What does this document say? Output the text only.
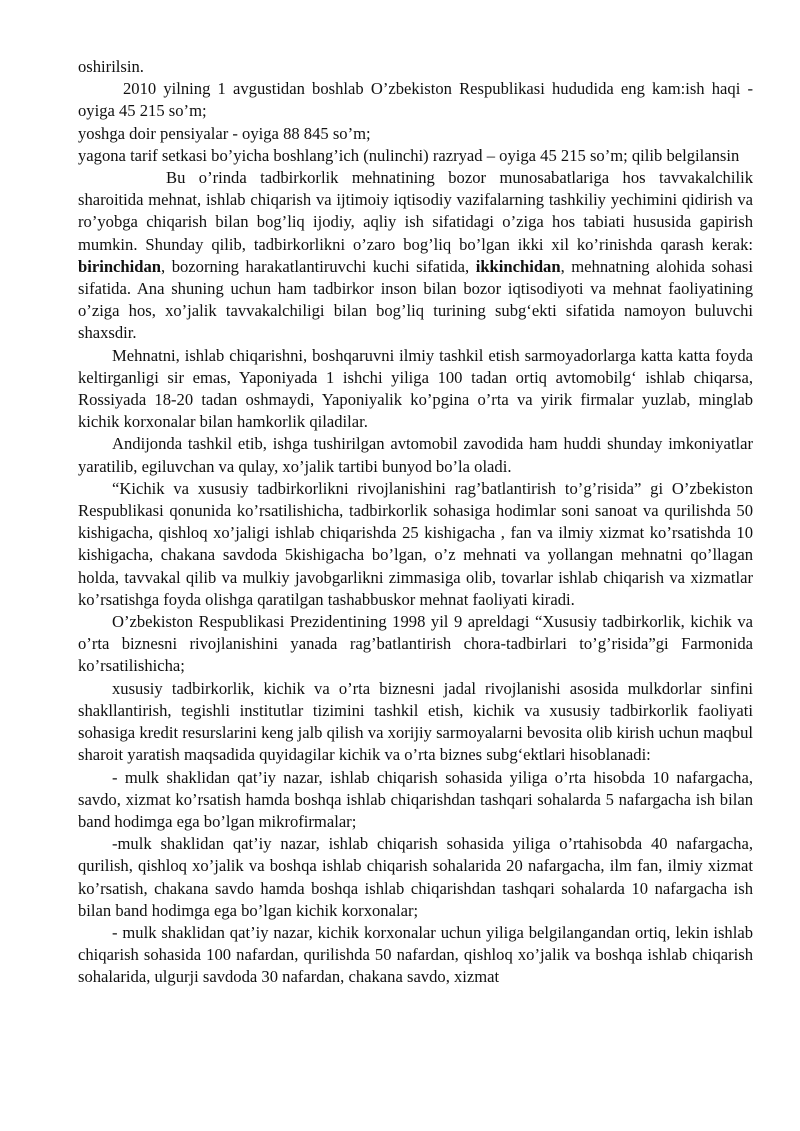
oshirilsin.

2010 yilning 1 avgustidan boshlab O’zbekiston Respublikasi hududida eng kam:ish haqi - oyiga 45 215 so’m;

yoshga doir pensiyalar - oyiga 88 845 so’m;

yagona tarif setkasi bo’yicha boshlang’ich (nulinchi) razryad – oyiga 45 215 so’m; qilib belgilansin

Bu o’rinda tadbirkorlik mehnatining bozor munosabatlariga hos tavvakalchilik sharoitida mehnat, ishlab chiqarish va ijtimoiy iqtisodiy vazifalarning tashkiliy yechimini qidirish va ro’yobga chiqarish bilan bog’liq ijodiy, aqliy ish sifatidagi o’ziga hos tabiati hususida gapirish mumkin. Shunday qilib, tadbirkorlikni o’zaro bog’liq bo’lgan ikki xil ko’rinishda qarash kerak: birinchidan, bozorning harakatlantiruvchi kuchi sifatida, ikkinchidan, mehnatning alohida sohasi sifatida. Ana shuning uchun ham tadbirkor inson bilan bozor iqtisodiyoti va mehnat faoliyatining o’ziga hos, xo’jalik tavvakalchiligi bilan bog’liq turining subg‘ekti sifatida namoyon buluvchi shaxsdir.

Mehnatni, ishlab chiqarishni, boshqaruvni ilmiy tashkil etish sarmoyadorlarga katta katta foyda keltirganligi sir emas, Yaponiyada 1 ishchi yiliga 100 tadan ortiq avtomobilg‘ ishlab chiqarsa, Rossiyada 18-20 tadan oshmaydi, Yaponiyalik ko’pgina o’rta va yirik firmalar yuzlab, minglab kichik korxonalar bilan hamkorlik qiladilar.

Andijonda tashkil etib, ishga tushirilgan avtomobil zavodida ham huddi shunday imkoniyatlar yaratilib, egiluvchan va qulay, xo’jalik tartibi bunyod bo’la oladi.

“Kichik va xususiy tadbirkorlikni rivojlanishini rag’batlantirish to’g’risida” gi O’zbekiston Respublikasi qonunida ko’rsatilishicha, tadbirkorlik sohasiga hodimlar soni sanoat va qurilishda 50 kishigacha, qishloq xo’jaligi ishlab chiqarishda 25 kishigacha , fan va ilmiy xizmat ko’rsatishda 10 kishigacha, chakana savdoda 5kishigacha bo’lgan, o’z mehnati va yollangan mehnatni qo’llagan holda, tavvakal qilib va mulkiy javobgarlikni zimmasiga olib, tovarlar ishlab chiqarish va xizmatlar ko’rsatishga foyda olishga qaratilgan tashabbuskor mehnat faoliyati kiradi.

O’zbekiston Respublikasi Prezidentining 1998 yil 9 apreldagi “Xususiy tadbirkorlik, kichik va o’rta biznesni rivojlanishini yanada rag’batlantirish chora-tadbirlari to’g’risida”gi Farmonida ko’rsatilishicha;

xususiy tadbirkorlik, kichik va o’rta biznesni jadal rivojlanishi asosida mulkdorlar sinfini shakllantirish, tegishli institutlar tizimini tashkil etish, kichik va xususiy tadbirkorlik faoliyati sohasiga kredit resurslarini keng jalb qilish va xorijiy sarmoyalarni bevosita olib kirish uchun maqbul sharoit yaratish maqsadida quyidagilar kichik va o’rta biznes subg‘ektlari hisoblanadi:

- mulk shaklidan qat’iy nazar, ishlab chiqarish sohasida yiliga o’rta hisobda 10 nafargacha, savdo, xizmat ko’rsatish hamda boshqa ishlab chiqarishdan tashqari sohalarda 5 nafargacha ish bilan band hodimga ega bo’lgan mikrofirmalar;

-mulk shaklidan qat’iy nazar, ishlab chiqarish sohasida yiliga o’rtahisobda 40 nafargacha, qurilish, qishloq xo’jalik va boshqa ishlab chiqarish sohalarida 20 nafargacha, ilm fan, ilmiy xizmat ko’rsatish, chakana savdo hamda boshqa ishlab chiqarishdan tashqari sohalarda 10 nafargacha ish bilan band hodimga ega bo’lgan kichik korxonalar;

- mulk shaklidan qat’iy nazar, kichik korxonalar uchun yiliga belgilangandan ortiq, lekin ishlab chiqarish sohasida 100 nafardan, qurilishda 50 nafardan, qishloq xo’jalik va boshqa ishlab chiqarish sohalarida, ulgurji savdoda 30 nafardan, chakana savdo, xizmat
